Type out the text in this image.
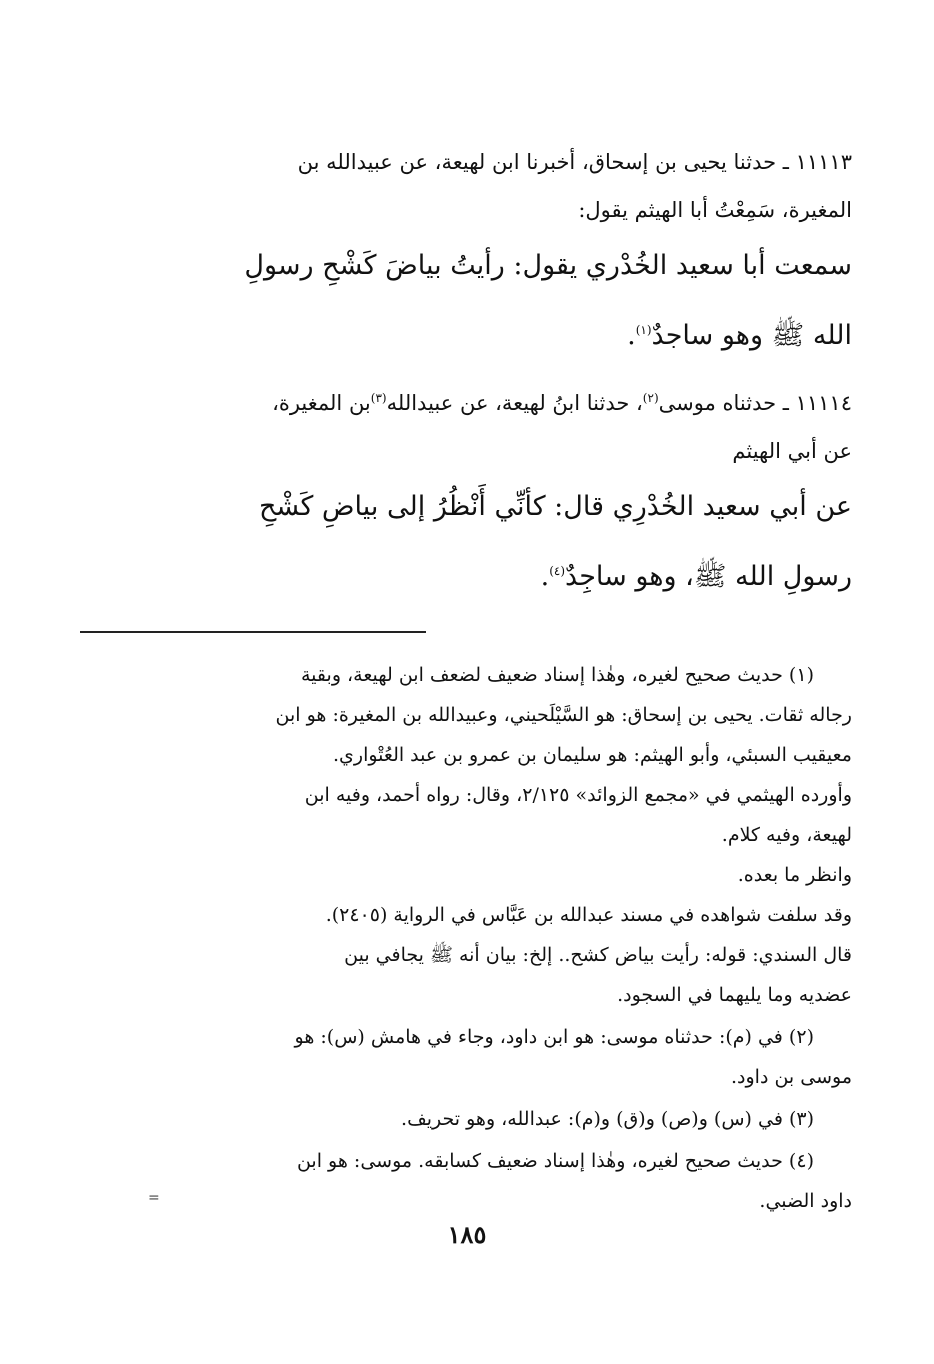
١١١١٣ ـ حدثنا يحيى بن إسحاق، أخبرنا ابن لهيعة، عن عبيدالله بن
المغيرة، سَمِعْتُ أبا الهيثم يقول:
سمعت أبا سعيد الخُدْري يقول: رأيتُ بياضَ كَشْحِ رسولِ
الله ﷺ وهو ساجدٌ$^{(١)}$.
١١١١٤ ـ حدثناه موسى$^{(٢)}$، حدثنا ابنُ لهيعة، عن عبيدالله$^{(٣)}$بن المغيرة،
عن أبي الهيثم
عن أبي سعيد الخُدْرِي قال: كأنِّي أَنْظُرُ إلى بياضِ كَشْحِ
رسولِ الله ﷺ، وهو ساجِدٌ$^{(٤)}$.
(١) حديث صحيح لغيره، وهٰذا إسناد ضعيف لضعف ابن لهيعة، وبقية
رجاله ثقات. يحيى بن إسحاق: هو السَّيْلَحيني، وعبيدالله بن المغيرة: هو ابن
معيقيب السبئي، وأبو الهيثم: هو سليمان بن عمرو بن عبد العُتْواري.
وأورده الهيثمي في «مجمع الزوائد» ٢/١٢٥، وقال: رواه أحمد، وفيه ابن
لهيعة، وفيه كلام.
وانظر ما بعده.
وقد سلفت شواهده في مسند عبدالله بن عَبَّاس في الرواية (٢٤٠٥).
قال السندي: قوله: رأيت بياض كشح.. إلخ: بيان أنه ﷺ يجافي بين
عضديه وما يليهما في السجود.
(٢) في (م): حدثناه موسى: هو ابن داود، وجاء في هامش (س): هو
موسى بن داود.
(٣) في (س) و(ص) و(ق) و(م): عبدالله، وهو تحريف.
(٤) حديث صحيح لغيره، وهٰذا إسناد ضعيف كسابقه. موسى: هو ابن
داود الضبي.
=
١٨٥
